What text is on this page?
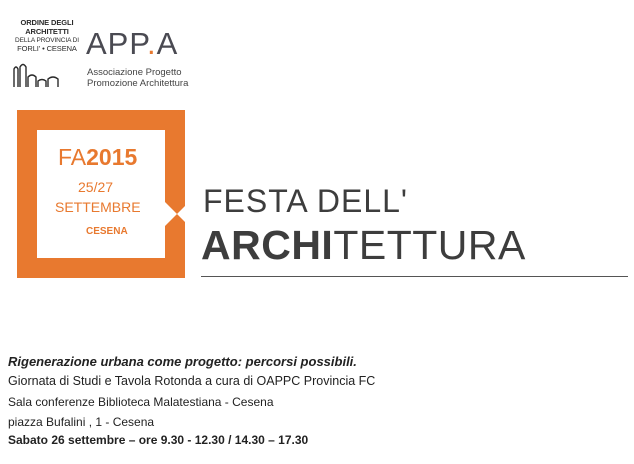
ORDINE DEGLI
ARCHITETTI
DELLA PROVINCIA DI
FORLI' • CESENA APP.A
Associazione Progetto
Promozione Architettura
FA2015
25/27
SETTEMBRE
CESENA
FESTA DELL'
ARCHITETTURA
Rigenerazione urbana come progetto: percorsi possibili.
Giornata di Studi e Tavola Rotonda a cura di OAPPC Provincia FC
Sala conferenze Biblioteca Malatestiana - Cesena
piazza Bufalini , 1 - Cesena
Sabato 26 settembre – ore 9.30 - 12.30 / 14.30 – 17.30
